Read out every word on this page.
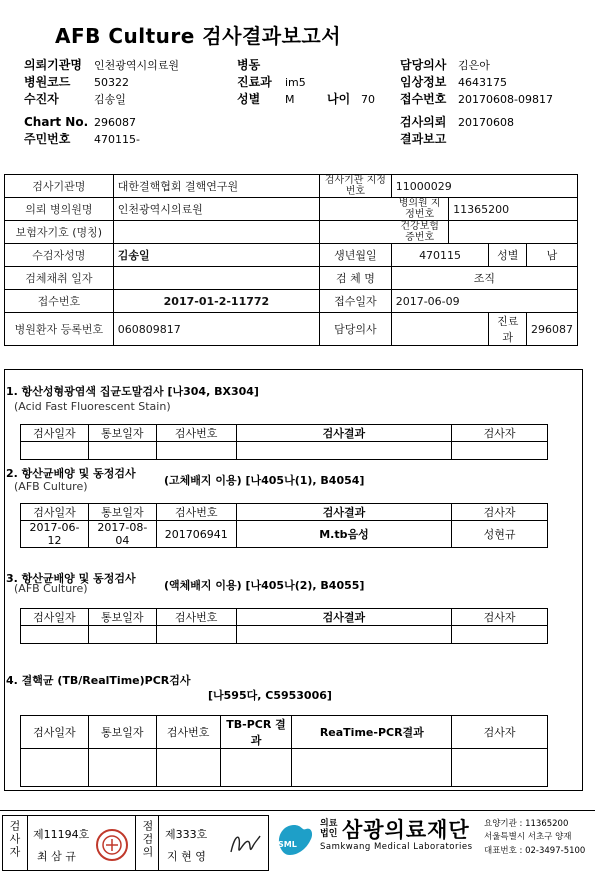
AFB Culture 검사결과보고서
의뢰기관명 인천광역시의료원
병원코드 50322
수진자	김송일
Chart No. 296087
주민번호 470115-
병동
진료과 im5
성별 M	나이 70
담당의사 김은아
임상정보 4643175
접수번호 20170608-09817
검사의뢰 20170608
결과보고
검사기관명	대한결핵협회 결핵연구원	검사기관 지정번호	11000029			
의뢰 병의원명	인천광역시의료원		병의원 지정번호	11365200		
보험자기호 (명칭)			건강보험 증번호			
수검자성명	김송일	생년월일	470115		성별	남
검체채취 일자		검 체 명	조직			
접수번호	2017-01-2-11772	접수일자	2017-06-09			
병원환자 등록번호	060809817	담당의사			진료과	296087
1. 항산성형광염색 집균도말검사 [나304, BX304]
(Acid Fast Fluorescent Stain)
검사일자	통보일자	검사번호	검사결과	검사자

2. 항산균배양 및 동정검사
(고체배지 이용) [나405나(1), B4054]
(AFB Culture)
검사일자	통보일자	검사번호	검사결과	검사자
2017-06-12	2017-08-04	201706941	M.tb음성	성현규
3. 항산균배양 및 동정검사
(액체배지 이용) [나405나(2), B4055]
(AFB Culture)
검사일자	통보일자	검사번호	검사결과	검사자

4. 결핵균 (TB/RealTime)PCR검사
[나595다, C5953006]
검사일자	통보일자	검사번호	TB-PCR 결과	ReaTime-PCR결과	검사자

검사자 제11194호
최 삼 규	점검의 제333호
지 현 영
SML
의료
법인 삼광의료재단
Samkwang Medical Laboratories
요양기관 : 11365200
서울특별시 서초구 양재
대표번호 : 02-3497-5100
